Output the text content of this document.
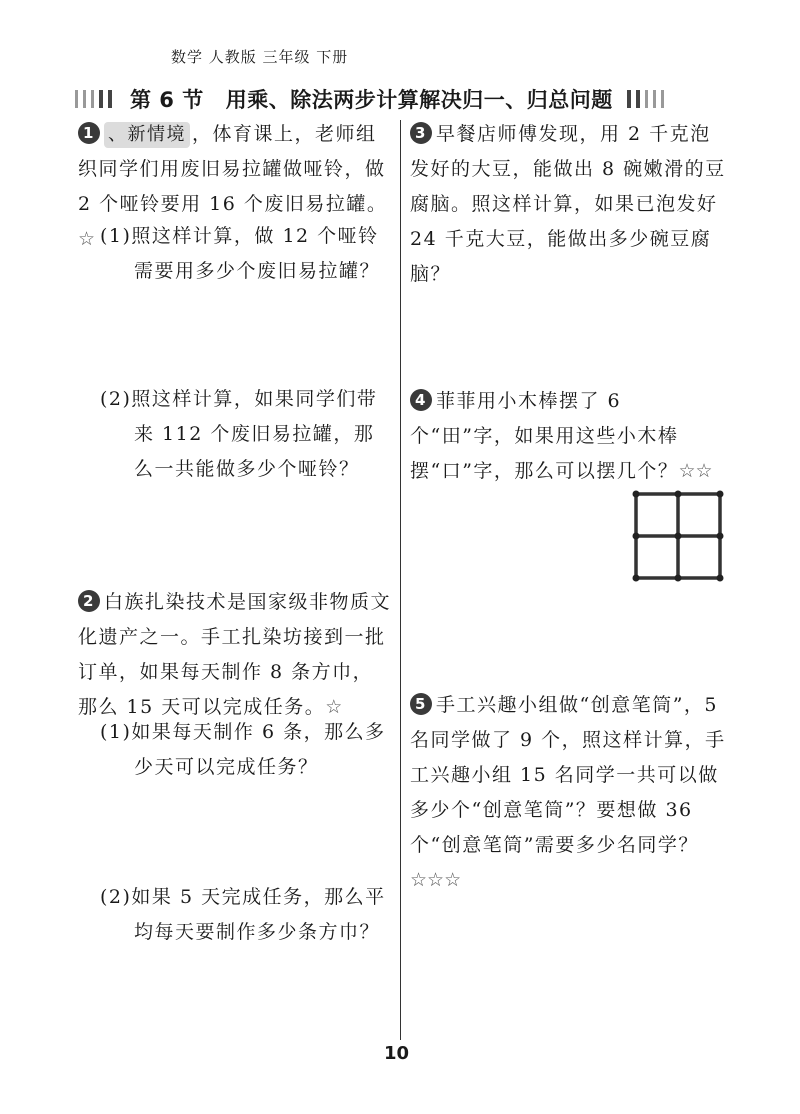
数学 人教版 三年级 下册
第 6 节 用乘、除法两步计算解决归一、归总问题
1 、新情境 ，体育课上，老师组织同学们用废旧易拉罐做哑铃，做 2 个哑铃要用 16 个废旧易拉罐。☆ (1)照这样计算，做 12 个哑铃需要用多少个废旧易拉罐？
(2)照这样计算，如果同学们带来 112 个废旧易拉罐，那么一共能做多少个哑铃？
2 白族扎染技术是国家级非物质文化遗产之一。手工扎染坊接到一批订单，如果每天制作 8 条方巾，那么 15 天可以完成任务。☆
(1)如果每天制作 6 条，那么多少天可以完成任务？
(2)如果 5 天完成任务，那么平均每天要制作多少条方巾？
3 早餐店师傅发现，用 2 千克泡发好的大豆，能做出 8 碗嫩滑的豆腐脑。照这样计算，如果已泡发好 24 千克大豆，能做出多少碗豆腐脑？
4 菲菲用小木棒摆了 6 个“田”字，如果用这些小木棒摆“口”字，那么可以摆几个？☆☆
5 手工兴趣小组做“创意笔筒”，5 名同学做了 9 个，照这样计算，手工兴趣小组 15 名同学一共可以做多少个“创意笔筒”？要想做 36 个“创意笔筒”需要多少名同学？☆☆☆
10
